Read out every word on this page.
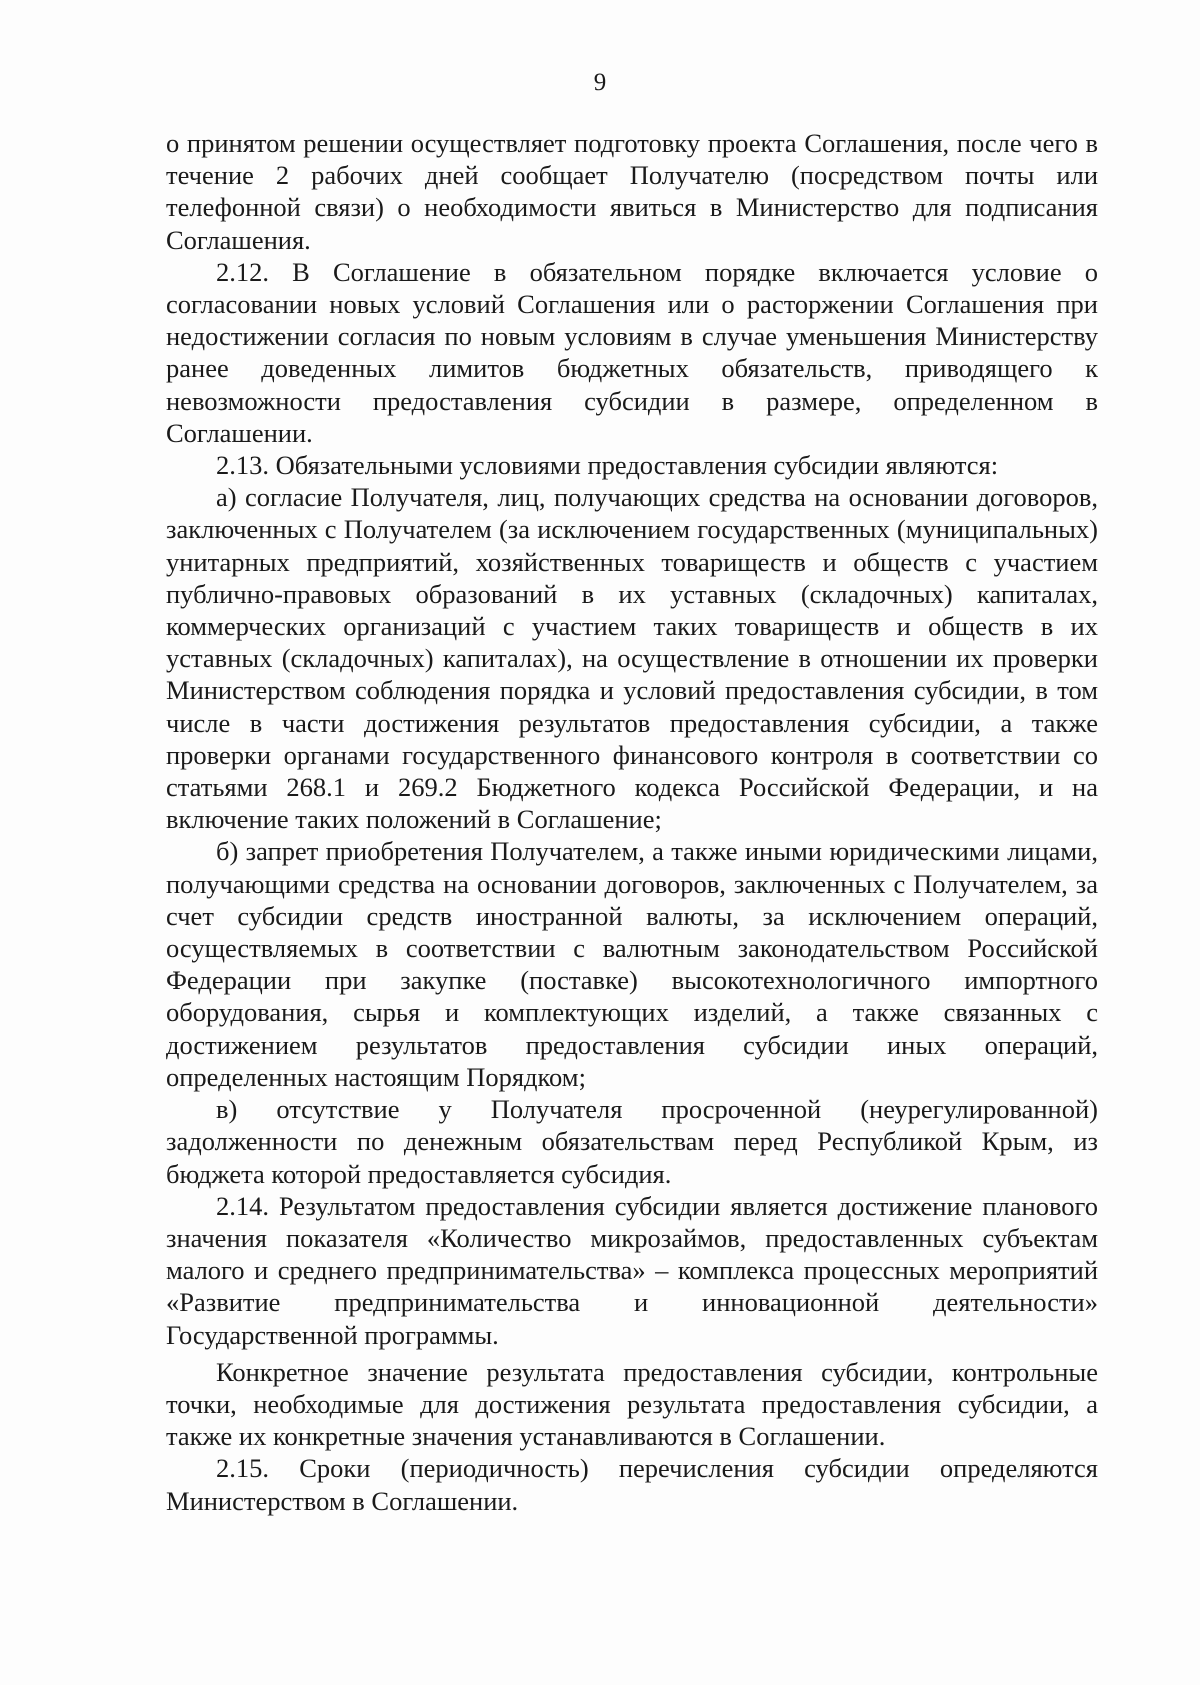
9

о принятом решении осуществляет подготовку проекта Соглашения, после чего в течение 2 рабочих дней сообщает Получателю (посредством почты или телефонной связи) о необходимости явиться в Министерство для подписания Соглашения.

2.12. В Соглашение в обязательном порядке включается условие о согласовании новых условий Соглашения или о расторжении Соглашения при недостижении согласия по новым условиям в случае уменьшения Министерству ранее доведенных лимитов бюджетных обязательств, приводящего к невозможности предоставления субсидии в размере, определенном в Соглашении.

2.13. Обязательными условиями предоставления субсидии являются:

а) согласие Получателя, лиц, получающих средства на основании договоров, заключенных с Получателем (за исключением государственных (муниципальных) унитарных предприятий, хозяйственных товариществ и обществ с участием публично-правовых образований в их уставных (складочных) капиталах, коммерческих организаций с участием таких товариществ и обществ в их уставных (складочных) капиталах), на осуществление в отношении их проверки Министерством соблюдения порядка и условий предоставления субсидии, в том числе в части достижения результатов предоставления субсидии, а также проверки органами государственного финансового контроля в соответствии со статьями 268.1 и 269.2 Бюджетного кодекса Российской Федерации, и на включение таких положений в Соглашение;

б) запрет приобретения Получателем, а также иными юридическими лицами, получающими средства на основании договоров, заключенных с Получателем, за счет субсидии средств иностранной валюты, за исключением операций, осуществляемых в соответствии с валютным законодательством Российской Федерации при закупке (поставке) высокотехнологичного импортного оборудования, сырья и комплектующих изделий, а также связанных с достижением результатов предоставления субсидии иных операций, определенных настоящим Порядком;

в) отсутствие у Получателя просроченной (неурегулированной) задолженности по денежным обязательствам перед Республикой Крым, из бюджета которой предоставляется субсидия.

2.14. Результатом предоставления субсидии является достижение планового значения показателя «Количество микрозаймов, предоставленных субъектам малого и среднего предпринимательства» – комплекса процессных мероприятий «Развитие предпринимательства и инновационной деятельности» Государственной программы.

Конкретное значение результата предоставления субсидии, контрольные точки, необходимые для достижения результата предоставления субсидии, а также их конкретные значения устанавливаются в Соглашении.

2.15. Сроки (периодичность) перечисления субсидии определяются Министерством в Соглашении.
